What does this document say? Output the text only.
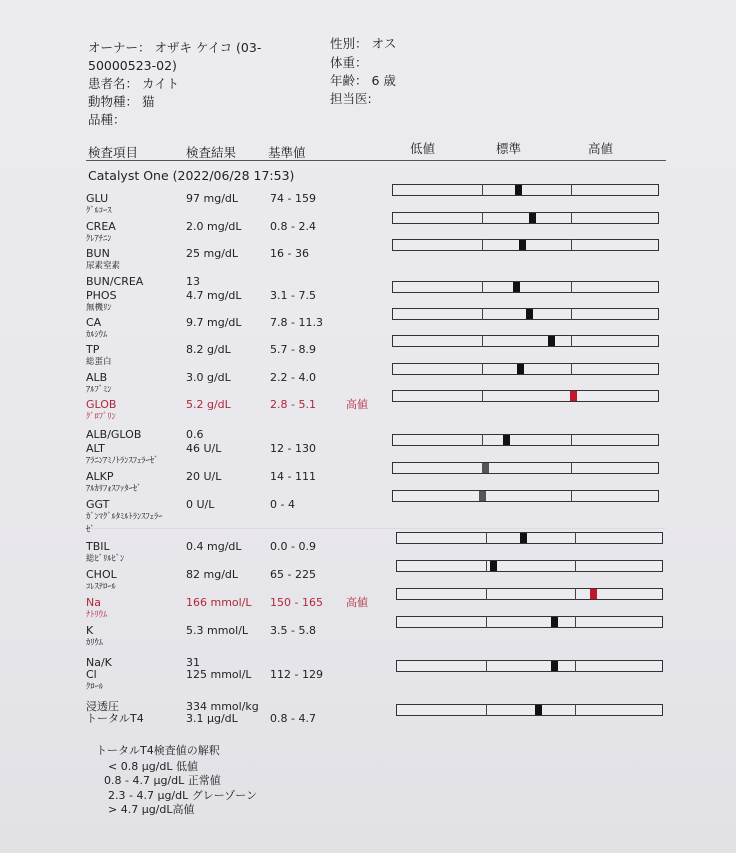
オーナー： オザキ ケイコ (03-
50000523-02)
患者名： カイト
動物種： 猫
品種：
性別： オス
体重：
年齢： 6 歳
担当医:
検査項目	検査結果	基準値	低値	標準	高値
Catalyst One (2022/06/28 17:53)
GLU
ｸﾞﾙｺｰｽ
97 mg/dL	74 - 159
CREA
ｸﾚｱﾁﾆﾝ
2.0 mg/dL	0.8 - 2.4
BUN
尿素窒素
25 mg/dL	16 - 36
BUN/CREA	13
PHOS
無機ﾘﾝ
4.7 mg/dL	3.1 - 7.5
CA
ｶﾙｼｳﾑ
9.7 mg/dL	7.8 - 11.3
TP
総蛋白
8.2 g/dL	5.7 - 8.9
ALB
ｱﾙﾌﾞﾐﾝ
3.0 g/dL	2.2 - 4.0
GLOB
ｸﾞﾛﾌﾞﾘﾝ
5.2 g/dL	2.8 - 5.1	高値
ALB/GLOB	0.6
ALT
ｱﾗﾆﾝｱﾐﾉﾄﾗﾝｽﾌｪﾗｰｾﾞ
46 U/L	12 - 130
ALKP
ｱﾙｶﾘﾌｫｽﾌｧﾀｰｾﾞ
20 U/L	14 - 111
GGT
ｶﾞﾝﾏｸﾞﾙﾀﾐﾙﾄﾗﾝｽﾌｪﾗｰ
ｾﾞ
0 U/L	0 - 4
TBIL
総ﾋﾞﾘﾙﾋﾞﾝ
0.4 mg/dL	0.0 - 0.9
CHOL
ｺﾚｽﾃﾛｰﾙ
82 mg/dL	65 - 225
Na
ﾅﾄﾘｳﾑ
166 mmol/L 150 - 165 高値
K
ｶﾘｳﾑ
5.3 mmol/L 3.5 - 5.8
Na/K	31
Cl
ｸﾛｰﾙ
125 mmol/L 112 - 129
浸透圧	334 mmol/kg
トータルT4	3.1 µg/dL	0.8 - 4.7
トータルT4検査値の解釈
< 0.8 µg/dL 低値
0.8 - 4.7 µg/dL 正常値
2.3 - 4.7 µg/dL グレーゾーン
> 4.7 µg/dL高値
